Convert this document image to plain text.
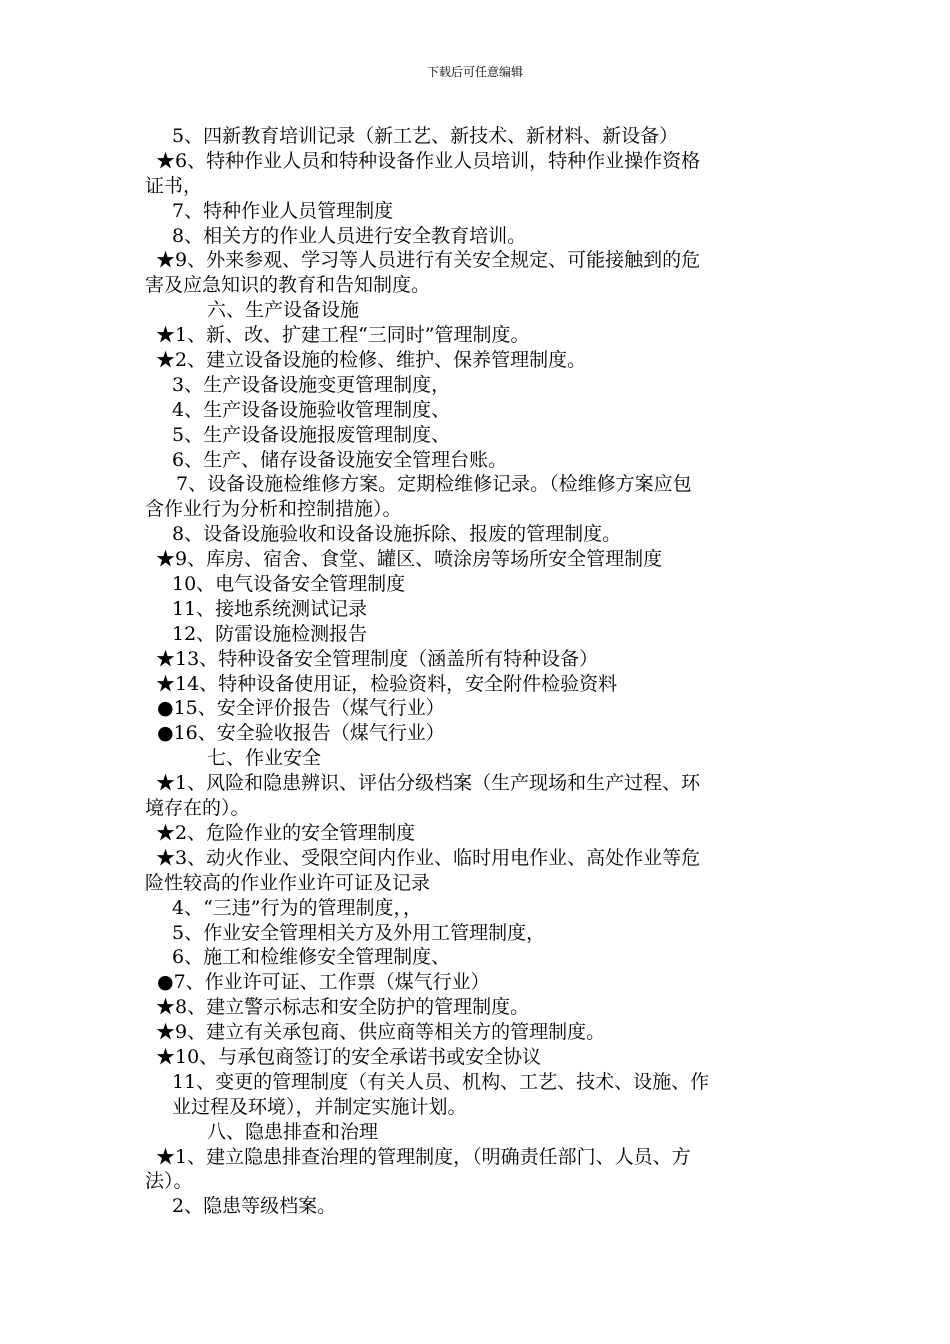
下载后可任意编辑
5、四新教育培训记录（新工艺、新技术、新材料、新设备）
★6、特种作业人员和特种设备作业人员培训，特种作业操作资格
证书，
7、特种作业人员管理制度
8、相关方的作业人员进行安全教育培训。
★9、外来参观、学习等人员进行有关安全规定、可能接触到的危
害及应急知识的教育和告知制度。
六、生产设备设施
★1、新、改、扩建工程“三同时”管理制度。
★2、建立设备设施的检修、维护、保养管理制度。
3、生产设备设施变更管理制度，
4、生产设备设施验收管理制度、
5、生产设备设施报废管理制度、
6、生产、储存设备设施安全管理台账。
7、设备设施检维修方案。定期检维修记录。（检维修方案应包
含作业行为分析和控制措施）。
8、设备设施验收和设备设施拆除、报废的管理制度。
★9、库房、宿舍、食堂、罐区、喷涂房等场所安全管理制度
10、电气设备安全管理制度
11、接地系统测试记录
12、防雷设施检测报告
★13、特种设备安全管理制度（涵盖所有特种设备）
★14、特种设备使用证，检验资料，安全附件检验资料
●15、安全评价报告（煤气行业）
●16、安全验收报告（煤气行业）
七、作业安全
★1、风险和隐患辨识、评估分级档案（生产现场和生产过程、环
境存在的）。
★2、危险作业的安全管理制度
★3、动火作业、受限空间内作业、临时用电作业、高处作业等危
险性较高的作业作业许可证及记录
4、“三违”行为的管理制度，，
5、作业安全管理相关方及外用工管理制度，
6、施工和检维修安全管理制度、
●7、作业许可证、工作票（煤气行业）
★8、建立警示标志和安全防护的管理制度。
★9、建立有关承包商、供应商等相关方的管理制度。
★10、与承包商签订的安全承诺书或安全协议
11、变更的管理制度（有关人员、机构、工艺、技术、设施、作
业过程及环境），并制定实施计划。
八、隐患排查和治理
★1、建立隐患排查治理的管理制度，（明确责任部门、人员、方
法）。
2、隐患等级档案。
